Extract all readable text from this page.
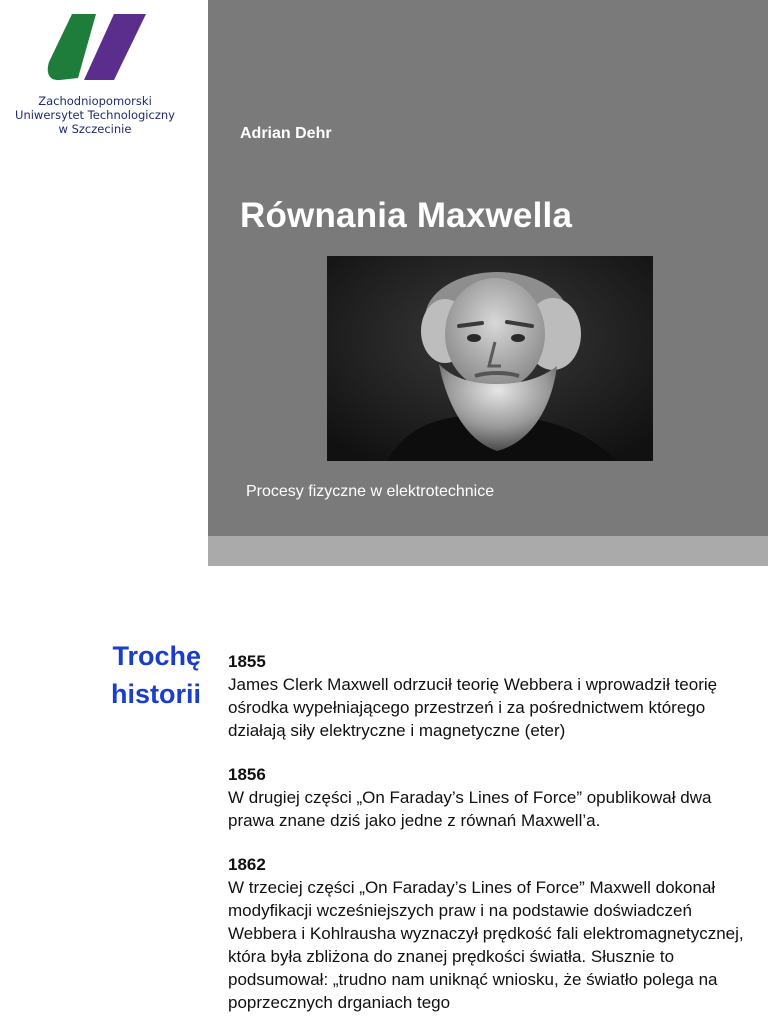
Zachodniopomorski
Uniwersytet Technologiczny
w Szczecinie	Adrian Dehr
Równania Maxwella
Procesy fizyczne w elektrotechnice
Trochę
historii
1855
James Clerk Maxwell odrzucił teorię Webbera i wprowadził teorię ośrodka wypełniającego przestrzeń i za pośrednictwem którego działają siły elektryczne i magnetyczne (eter)
1856
W drugiej części „On Faraday’s Lines of Force” opublikował dwa prawa znane dziś jako jedne z równań Maxwell’a.
1862
W trzeciej części „On Faraday’s Lines of Force” Maxwell dokonał modyfikacji wcześniejszych praw i na podstawie doświadczeń Webbera i Kohlrausha wyznaczył prędkość fali elektromagnetycznej, która była zbliżona do znanej prędkości światła. Słusznie to podsumował: „trudno nam uniknąć wniosku, że światło polega na poprzecznych drganiach tego
